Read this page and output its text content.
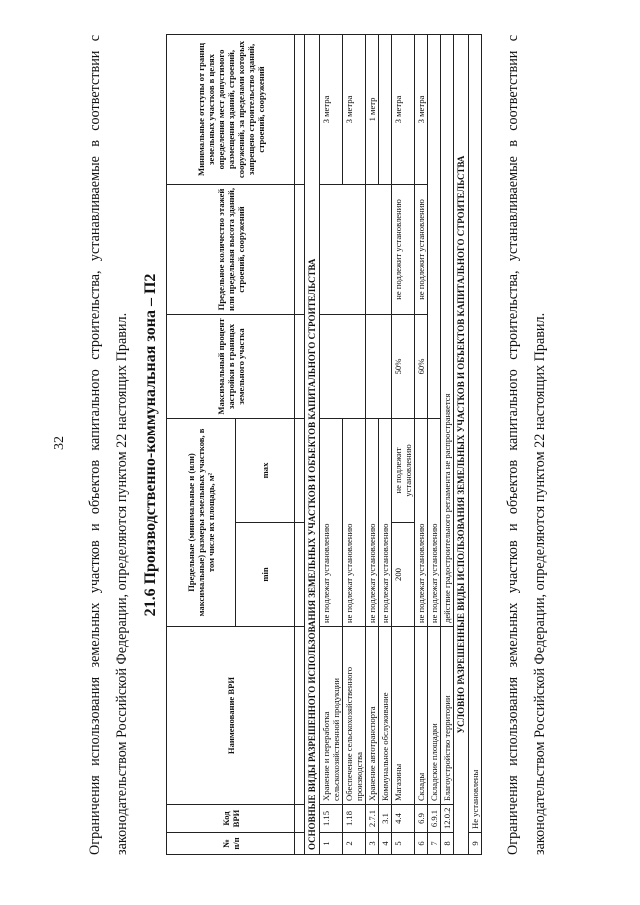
32	Ограничения использования земельных участков и объектов капитального строительства, устанавливаемые в соответствии с законодательством Российской Федерации, определяются пунктом 22 настоящих Правил. 21.6 Производственно-коммунальная зона – П2
№ п/п	Код ВРИ	Наименование ВРИ	Предельные (минимальные и (или) максимальные) размеры земельных участков, в том числе их площадь, м²		Максимальный процент застройки в границах земельного участка	Предельное количество этажей или предельная высота зданий, строений, сооружений	Минимальные отступы от границ земельных участков в целях определения мест допустимого размещения зданий, строений, сооружений, за пределами которых запрещено строительство зданий, строений, сооружений
			min	max			

ОСНОВНЫЕ ВИДЫ РАЗРЕШЕННОГО ИСПОЛЬЗОВАНИЯ ЗЕМЕЛЬНЫХ УЧАСТКОВ И ОБЪЕКТОВ КАПИТАЛЬНОГО СТРОИТЕЛЬСТВА							
1	1.15	Хранение и переработка сельскохозяйственной продукции	не подлежат установлению				3 метра
2	1.18	Обеспечение сельскохозяйственного производства	не подлежат установлению				3 метра
3	2.7.1	Хранение автотранспорта	не подлежат установлению				1 метр
4	3.1	Коммунальное обслуживание	не подлежат установлению				
5	4.4	Магазины	200	не подлежит установлению	50%	не подлежит установлению	3 метра
6	6.9	Склады	не подлежат установлению		60%	не подлежит установлению	3 метра
7	6.9.1	Складские площадки	не подлежат установлению				
8	12.0.2	Благоустройство территории	действие градостроительного регламента не распространяется				
УСЛОВНО РАЗРЕШЕННЫЕ ВИДЫ ИСПОЛЬЗОВАНИЯ ЗЕМЕЛЬНЫХ УЧАСТКОВ И ОБЪЕКТОВ КАПИТАЛЬНОГО СТРОИТЕЛЬСТВА							
9	Не установлены							Ограничения использования земельных участков и объектов капитального строительства, устанавливаемые в соответствии с законодательством Российской Федерации, определяются пунктом 22 настоящих Правил.
